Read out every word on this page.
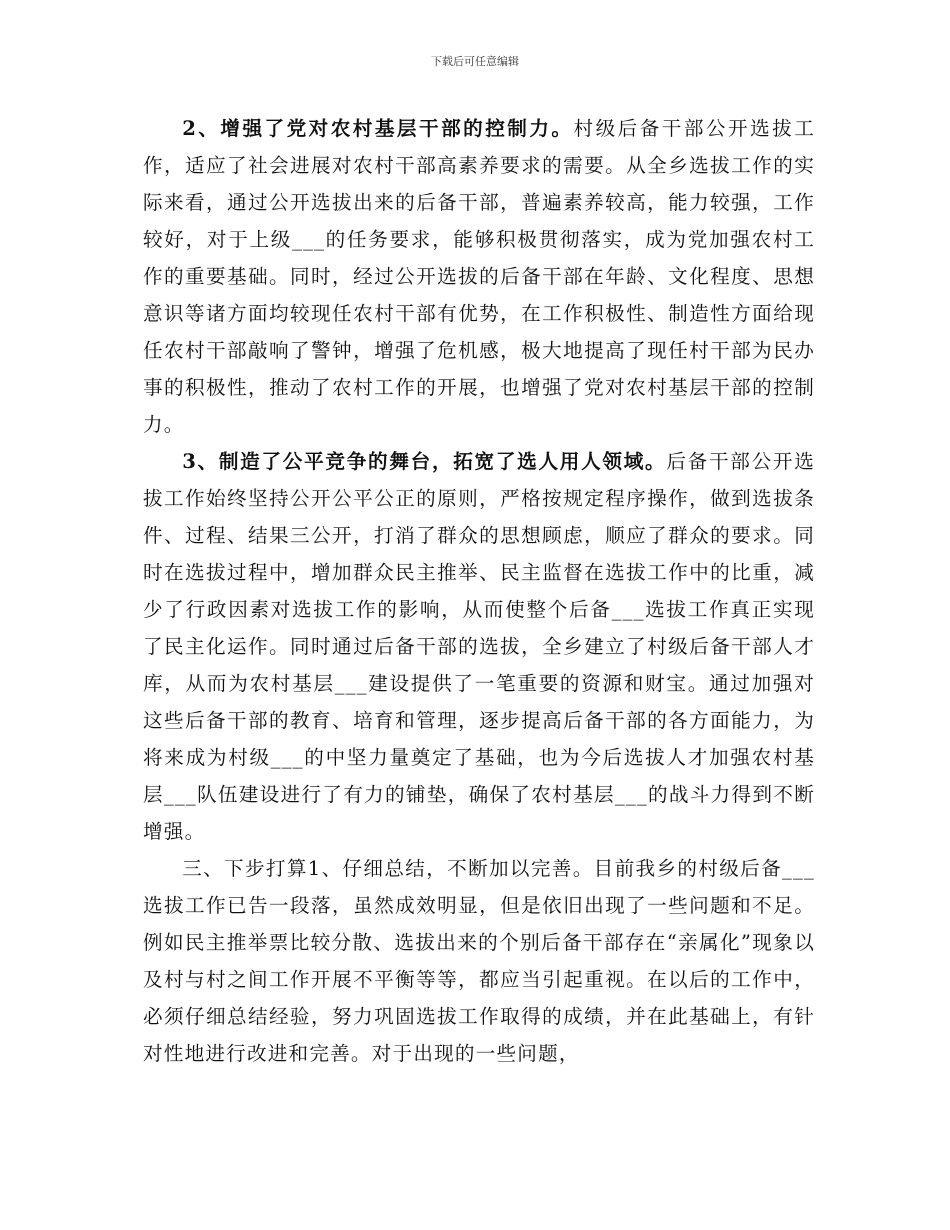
下载后可任意编辑

2、增强了党对农村基层干部的控制力。村级后备干部公开选拔工作，适应了社会进展对农村干部高素养要求的需要。从全乡选拔工作的实际来看，通过公开选拔出来的后备干部，普遍素养较高，能力较强，工作较好，对于上级___的任务要求，能够积极贯彻落实，成为党加强农村工作的重要基础。同时，经过公开选拔的后备干部在年龄、文化程度、思想意识等诸方面均较现任农村干部有优势，在工作积极性、制造性方面给现任农村干部敲响了警钟，增强了危机感，极大地提高了现任村干部为民办事的积极性，推动了农村工作的开展，也增强了党对农村基层干部的控制力。

3、制造了公平竞争的舞台，拓宽了选人用人领域。后备干部公开选拔工作始终坚持公开公平公正的原则，严格按规定程序操作，做到选拔条件、过程、结果三公开，打消了群众的思想顾虑，顺应了群众的要求。同时在选拔过程中，增加群众民主推举、民主监督在选拔工作中的比重，减少了行政因素对选拔工作的影响，从而使整个后备___选拔工作真正实现了民主化运作。同时通过后备干部的选拔，全乡建立了村级后备干部人才库，从而为农村基层___建设提供了一笔重要的资源和财宝。通过加强对这些后备干部的教育、培育和管理，逐步提高后备干部的各方面能力，为将来成为村级___的中坚力量奠定了基础，也为今后选拔人才加强农村基层___队伍建设进行了有力的铺垫，确保了农村基层___的战斗力得到不断增强。

三、下步打算1、仔细总结，不断加以完善。目前我乡的村级后备___选拔工作已告一段落，虽然成效明显，但是依旧出现了一些问题和不足。例如民主推举票比较分散、选拔出来的个别后备干部存在“亲属化”现象以及村与村之间工作开展不平衡等等，都应当引起重视。在以后的工作中，必须仔细总结经验，努力巩固选拔工作取得的成绩，并在此基础上，有针对性地进行改进和完善。对于出现的一些问题，
